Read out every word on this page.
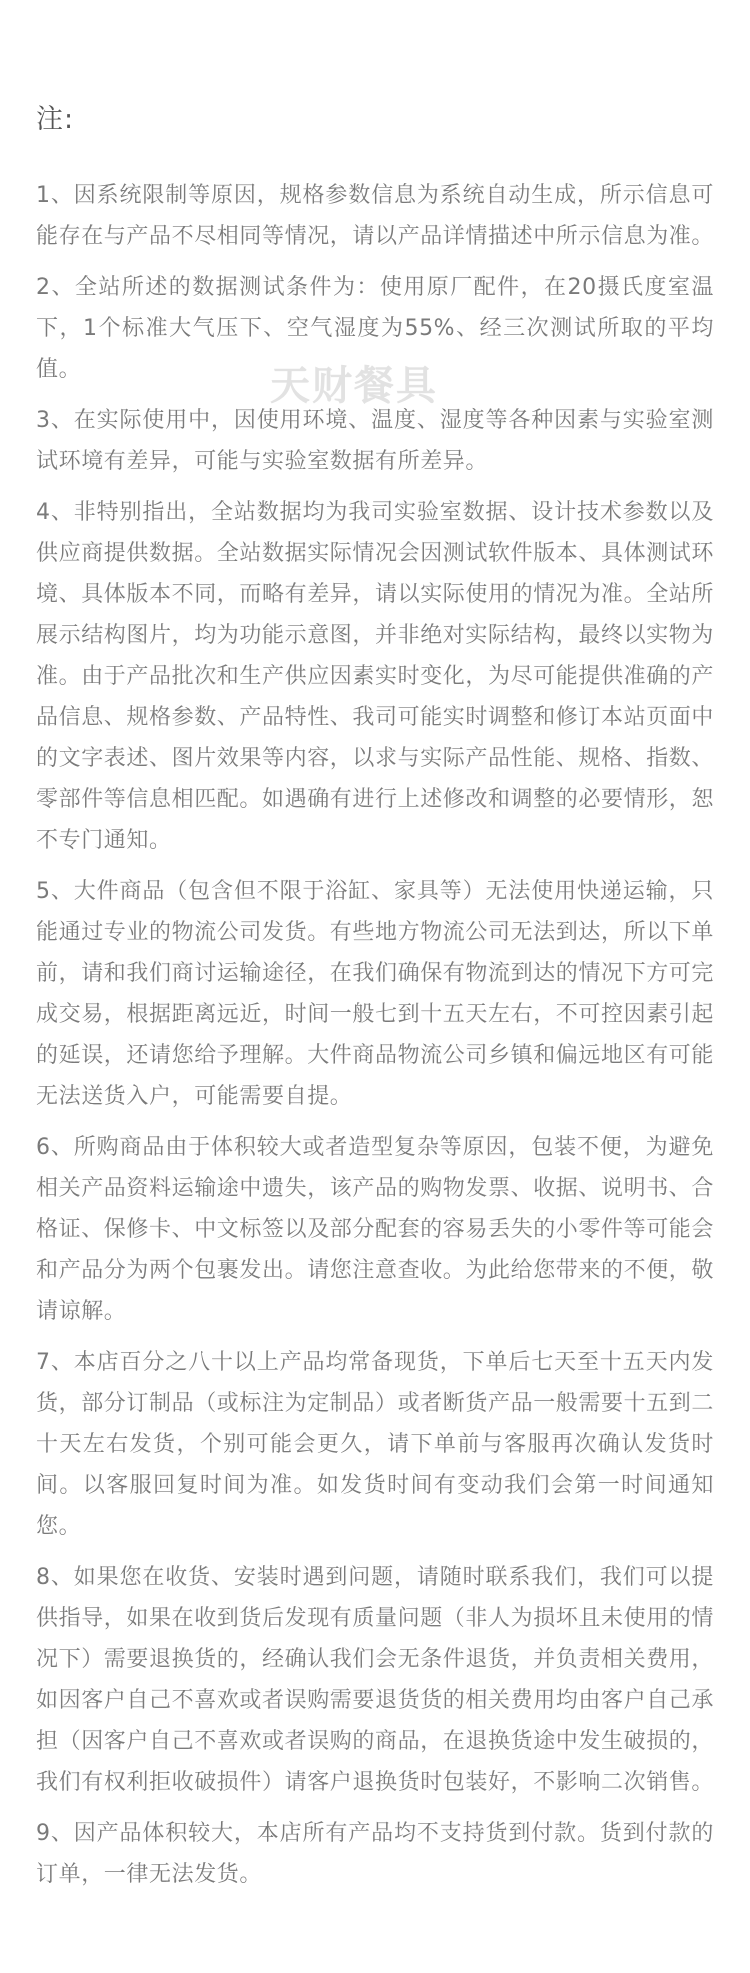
注:
1、因系统限制等原因，规格参数信息为系统自动生成，所示信息可能存在与产品不尽相同等情况，请以产品详情描述中所示信息为准。
2、全站所述的数据测试条件为：使用原厂配件，在20摄氏度室温下，1个标准大气压下、空气湿度为55%、经三次测试所取的平均值。
3、在实际使用中，因使用环境、温度、湿度等各种因素与实验室测试环境有差异，可能与实验室数据有所差异。
4、非特别指出，全站数据均为我司实验室数据、设计技术参数以及供应商提供数据。全站数据实际情况会因测试软件版本、具体测试环境、具体版本不同，而略有差异，请以实际使用的情况为准。全站所展示结构图片，均为功能示意图，并非绝对实际结构，最终以实物为准。由于产品批次和生产供应因素实时变化，为尽可能提供准确的产品信息、规格参数、产品特性、我司可能实时调整和修订本站页面中的文字表述、图片效果等内容，以求与实际产品性能、规格、指数、零部件等信息相匹配。如遇确有进行上述修改和调整的必要情形，恕不专门通知。
5、大件商品（包含但不限于浴缸、家具等）无法使用快递运输，只能通过专业的物流公司发货。有些地方物流公司无法到达，所以下单前，请和我们商讨运输途径，在我们确保有物流到达的情况下方可完成交易，根据距离远近，时间一般七到十五天左右，不可控因素引起的延误，还请您给予理解。大件商品物流公司乡镇和偏远地区有可能无法送货入户，可能需要自提。
6、所购商品由于体积较大或者造型复杂等原因，包装不便，为避免相关产品资料运输途中遗失，该产品的购物发票、收据、说明书、合格证、保修卡、中文标签以及部分配套的容易丢失的小零件等可能会和产品分为两个包裹发出。请您注意查收。为此给您带来的不便，敬请谅解。
7、本店百分之八十以上产品均常备现货，下单后七天至十五天内发货，部分订制品（或标注为定制品）或者断货产品一般需要十五到二十天左右发货，个别可能会更久，请下单前与客服再次确认发货时间。以客服回复时间为准。如发货时间有变动我们会第一时间通知您。
8、如果您在收货、安装时遇到问题，请随时联系我们，我们可以提供指导，如果在收到货后发现有质量问题（非人为损坏且未使用的情况下）需要退换货的，经确认我们会无条件退货，并负责相关费用，如因客户自己不喜欢或者误购需要退货货的相关费用均由客户自己承担（因客户自己不喜欢或者误购的商品，在退换货途中发生破损的，我们有权利拒收破损件）请客户退换货时包装好，不影响二次销售。
9、因产品体积较大，本店所有产品均不支持货到付款。货到付款的订单，一律无法发货。
天财餐具
